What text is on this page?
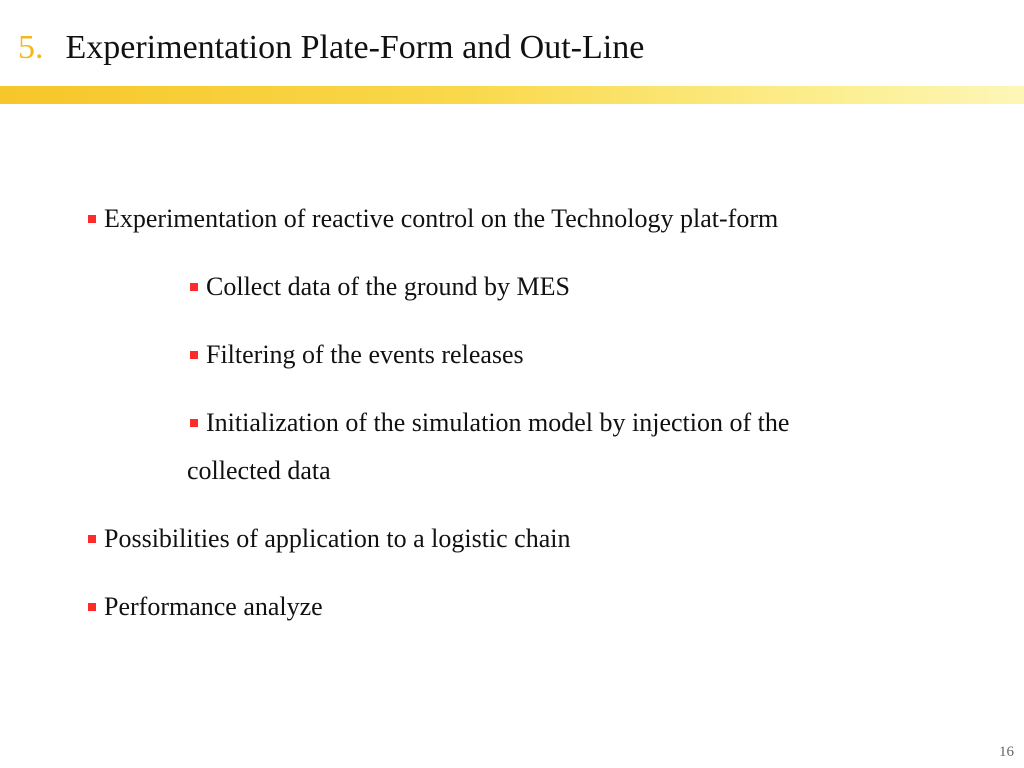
5. Experimentation Plate-Form and Out-Line
Experimentation of reactive control on the Technology plat-form
Collect data of the ground by MES
Filtering of the events releases
Initialization of the simulation model by injection of the
collected data
Possibilities of application to a logistic chain
Performance analyze
16
